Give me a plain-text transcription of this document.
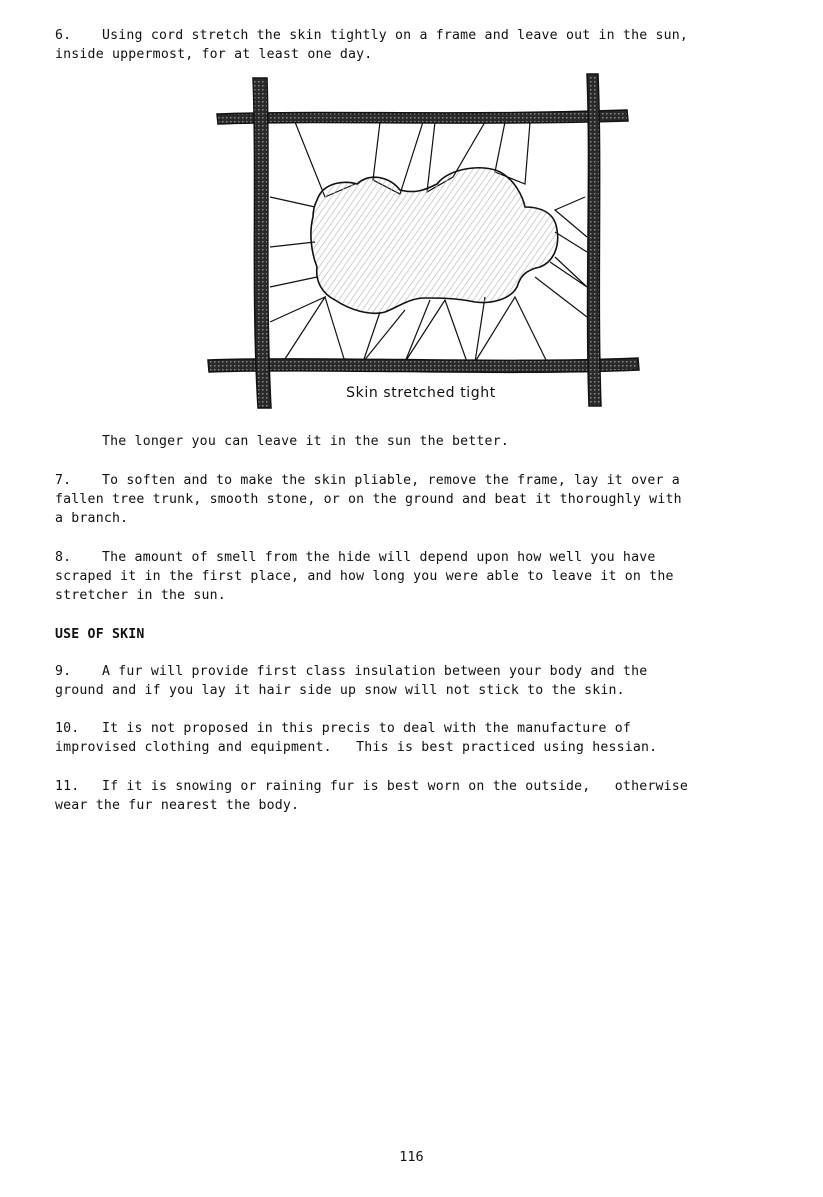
6. Using cord stretch the skin tightly on a frame and leave out in the sun,

inside uppermost, for at least one day.

Skin stretched tight

The longer you can leave it in the sun the better.

7. To soften and to make the skin pliable, remove the frame, lay it over a

fallen tree trunk, smooth stone, or on the ground and beat it thoroughly with

a branch.

8. The amount of smell from the hide will depend upon how well you have

scraped it in the first place, and how long you were able to leave it on the

stretcher in the sun.

USE OF SKIN

9. A fur will provide first class insulation between your body and the

ground and if you lay it hair side up snow will not stick to the skin.

10. It is not proposed in this precis to deal with the manufacture of

improvised clothing and equipment.   This is best practiced using hessian.

11. If it is snowing or raining fur is best worn on the outside,   otherwise

wear the fur nearest the body.

116
